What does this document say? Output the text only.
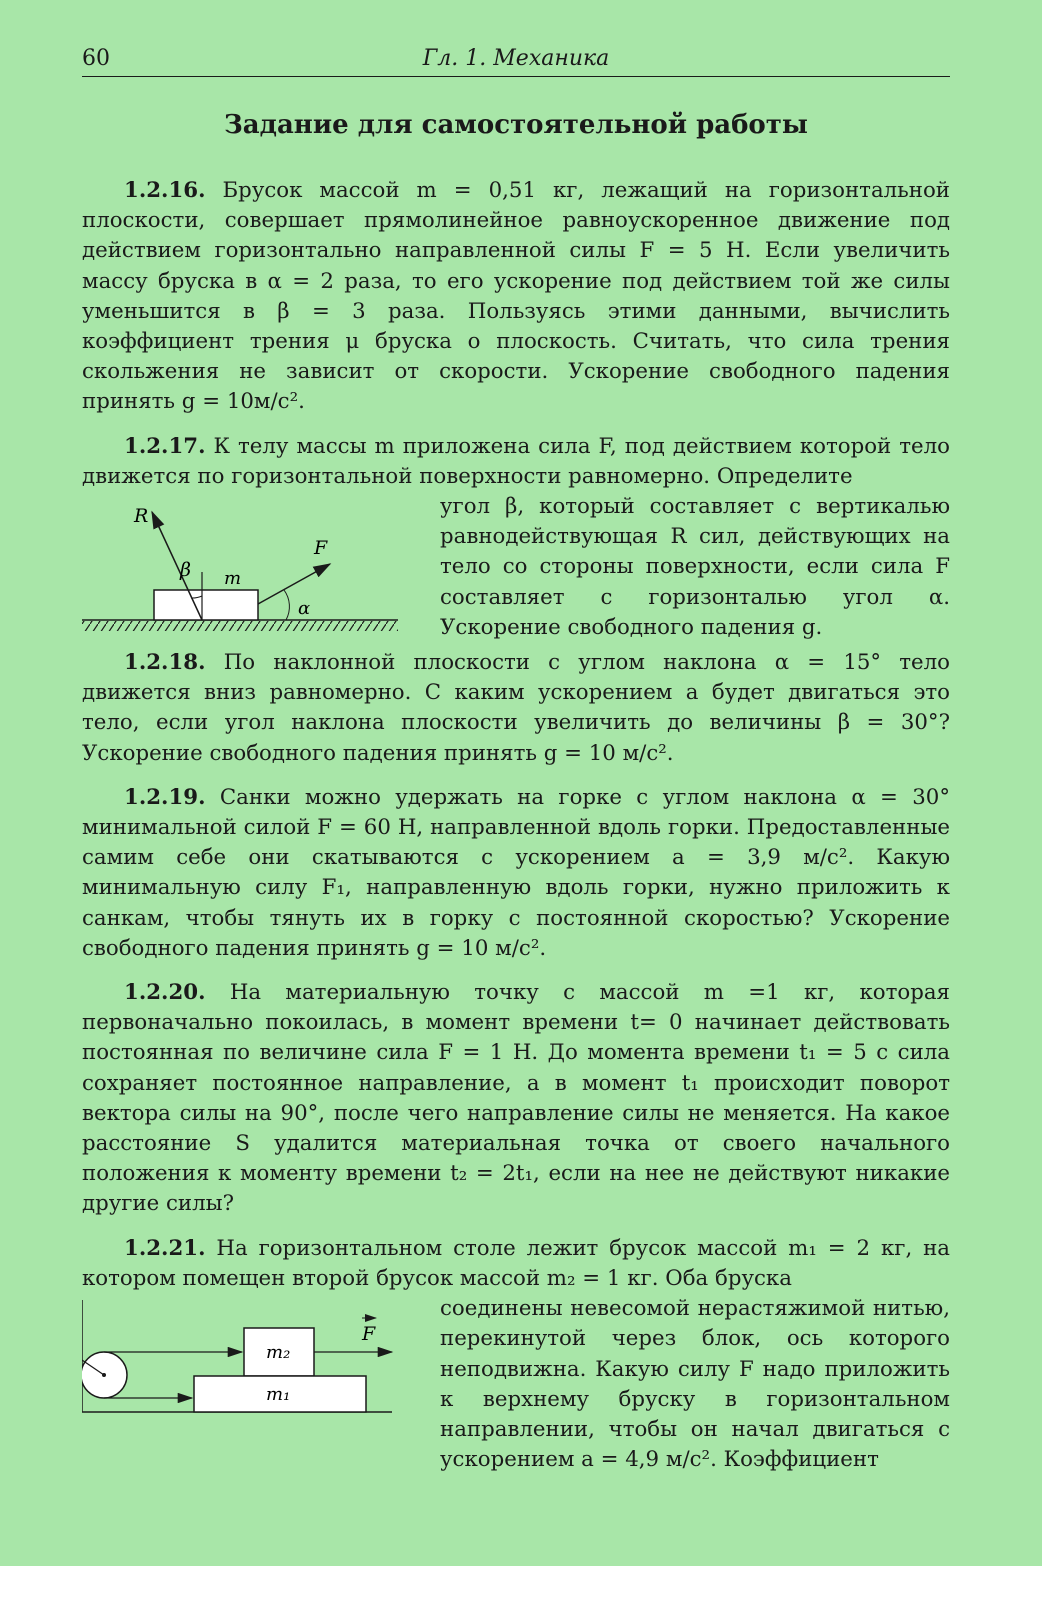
60	Гл. 1. Механика
Задание для самостоятельной работы

1.2.16. Брусок массой m = 0,51 кг, лежащий на горизонтальной плоскости, совершает прямолинейное равноускоренное движение под действием горизонтально направленной силы F = 5 Н. Если увеличить массу бруска в α = 2 раза, то его ускорение под действием той же силы уменьшится в β = 3 раза. Пользуясь этими данными, вычислить коэффициент трения μ бруска о плоскость. Считать, что сила трения скольжения не зависит от скорости. Ускорение свободного падения принять g = 10м/с².

1.2.17. К телу массы m приложена сила F, под действием которой тело движется по горизонтальной поверхности равномерно. Определите

R
β m
F
α
угол β, который составляет с вертикалью равнодействующая R сил, действующих на тело со стороны поверхности, если сила F составляет с горизонталью угол α. Ускорение свободного падения g.

1.2.18. По наклонной плоскости с углом наклона α = 15° тело движется вниз равномерно. С каким ускорением a будет двигаться это тело, если угол наклона плоскости увеличить до величины β = 30°? Ускорение свободного падения принять g = 10 м/с².

1.2.19. Санки можно удержать на горке с углом наклона α = 30° минимальной силой F = 60 Н, направленной вдоль горки. Предоставленные самим себе они скатываются с ускорением a = 3,9 м/с². Какую минимальную силу F₁, направленную вдоль горки, нужно приложить к санкам, чтобы тянуть их в горку с постоянной скоростью? Ускорение свободного падения принять g = 10 м/с².

1.2.20. На материальную точку с массой m =1 кг, которая первоначально покоилась, в момент времени t= 0 начинает действовать постоянная по величине сила F = 1 Н. До момента времени t₁ = 5 с сила сохраняет постоянное направление, а в момент t₁ происходит поворот вектора силы на 90°, после чего направление силы не меняется. На какое расстояние S удалится материальная точка от своего начального положения к моменту времени t₂ = 2t₁, если на нее не действуют никакие другие силы?

1.2.21. На горизонтальном столе лежит брусок массой m₁ = 2 кг, на котором помещен второй брусок массой m₂ = 1 кг. Оба бруска

F
m₂
m₁
соединены невесомой нерастяжимой нитью, перекинутой через блок, ось которого неподвижна. Какую силу F надо приложить к верхнему бруску в горизонтальном направлении, чтобы он начал двигаться с ускорением a = 4,9 м/с². Коэффициент
